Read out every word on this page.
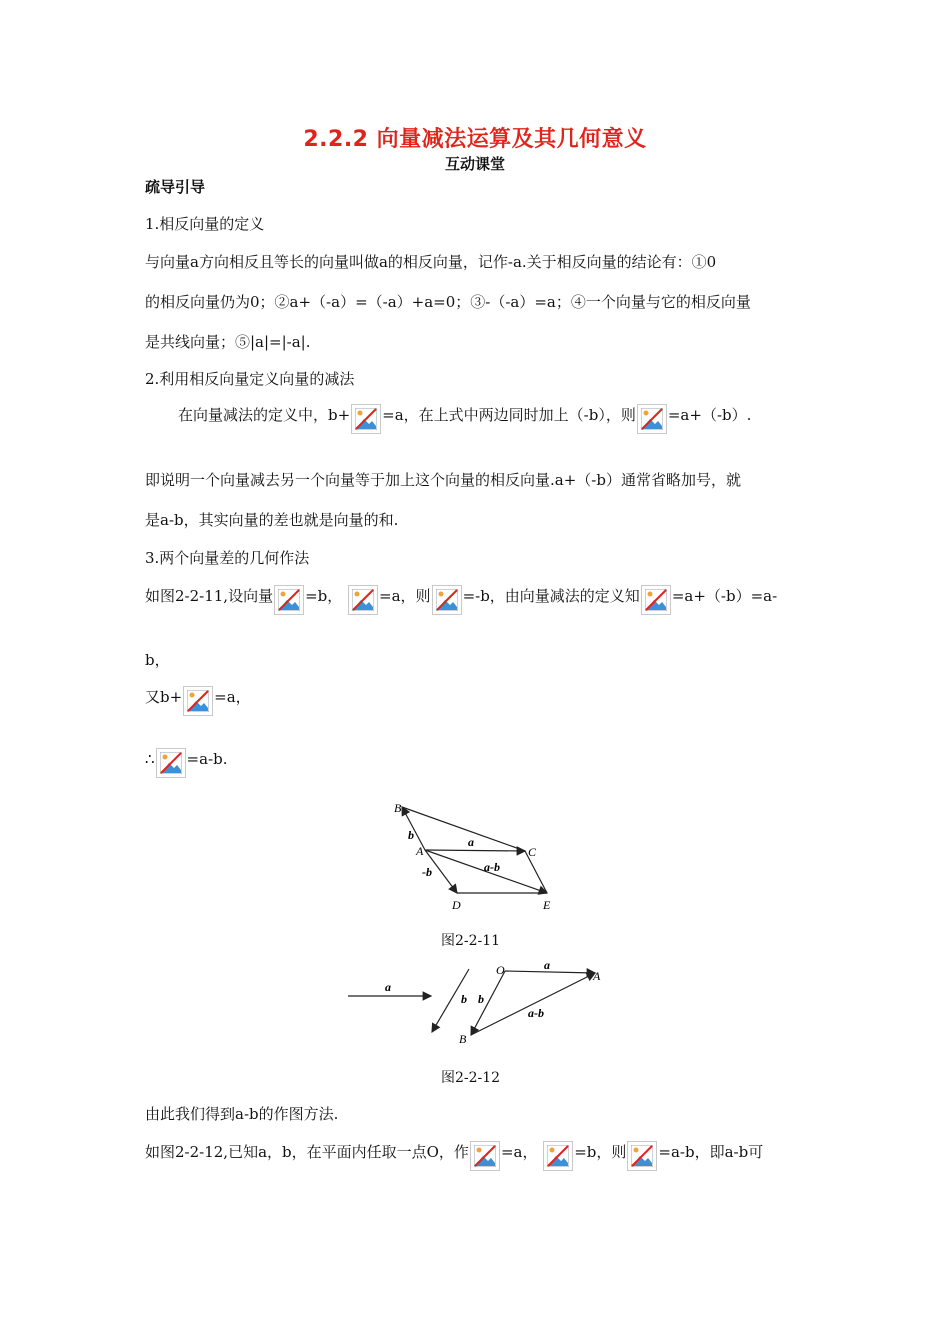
2.2.2 向量减法运算及其几何意义
互动课堂
疏导引导
1.相反向量的定义
与向量a方向相反且等长的向量叫做a的相反向量，记作-a.关于相反向量的结论有：①0
的相反向量仍为0；②a+（-a）=（-a）+a=0；③-（-a）=a；④一个向量与它的相反向量
是共线向量；⑤|a|=|-a|.
2.利用相反向量定义向量的减法
在向量减法的定义中，b+ =a，在上式中两边同时加上（-b），则 =a+（-b）.
即说明一个向量减去另一个向量等于加上这个向量的相反向量.a+（-b）通常省略加号，就
是a-b，其实向量的差也就是向量的和.
3.两个向量差的几何作法
如图2-2-11,设向量 =b， =a，则 =-b，由向量减法的定义知 =a+（-b）=a-
b，
又b+ =a，
∴ =a-b.
B
A	C
D	E
a
b
-b	a-b
图2-2-11
a
b b
O	A
B
a
a-b
图2-2-12
由此我们得到a-b的作图方法.
如图2-2-12,已知a，b，在平面内任取一点O，作 =a， =b，则 =a-b，即a-b可
